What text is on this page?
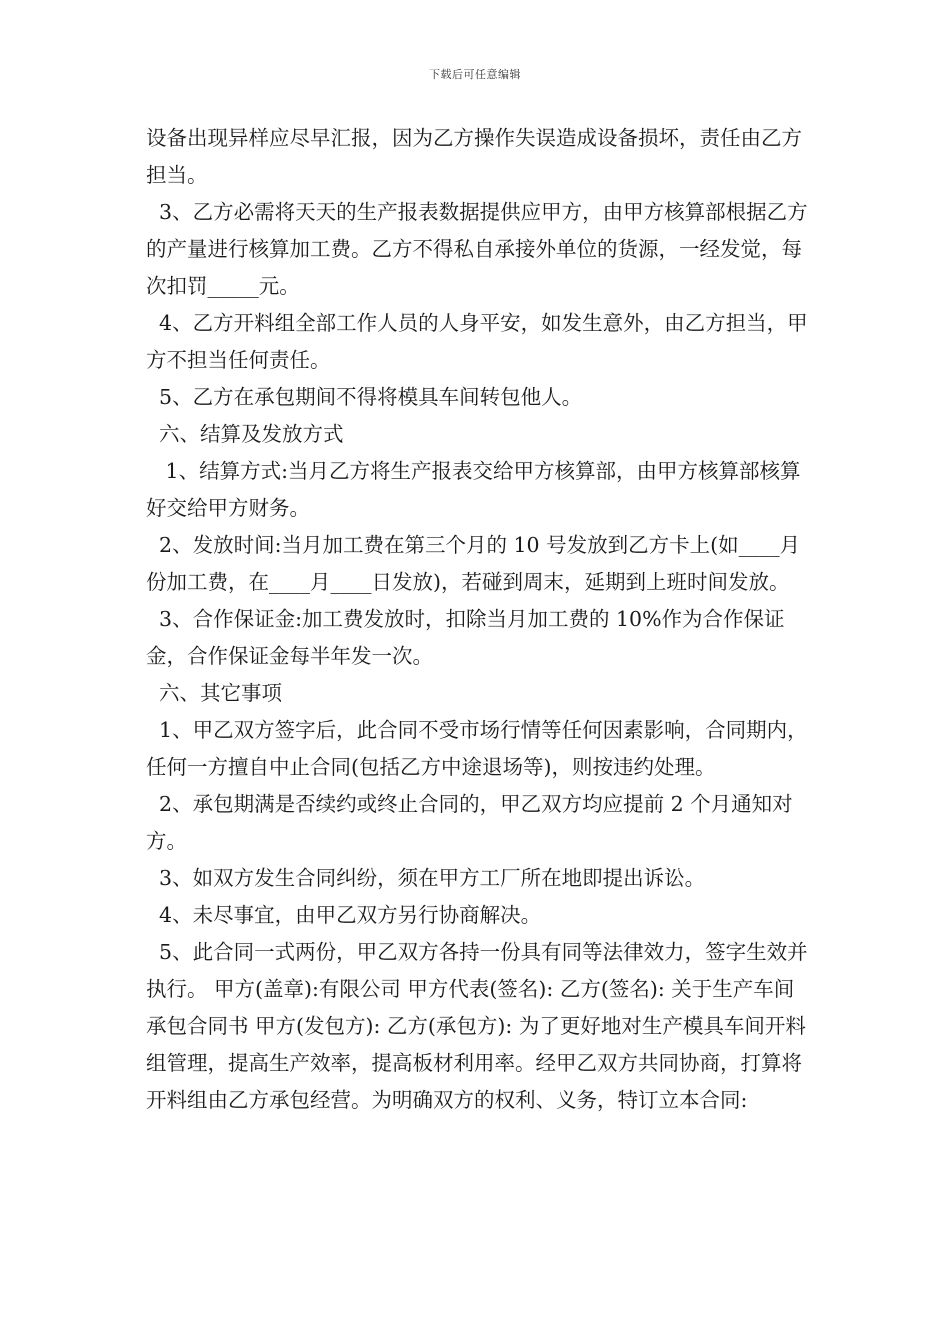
下载后可任意编辑

设备出现异样应尽早汇报，因为乙方操作失误造成设备损坏，责任由乙方担当。

3、乙方必需将天天的生产报表数据提供应甲方，由甲方核算部根据乙方的产量进行核算加工费。乙方不得私自承接外单位的货源，一经发觉，每次扣罚_____元。

4、乙方开料组全部工作人员的人身平安，如发生意外，由乙方担当，甲方不担当任何责任。

5、乙方在承包期间不得将模具车间转包他人。

六、结算及发放方式

1、结算方式:当月乙方将生产报表交给甲方核算部，由甲方核算部核算好交给甲方财务。

2、发放时间:当月加工费在第三个月的 10 号发放到乙方卡上(如____月份加工费，在____月____日发放)，若碰到周末，延期到上班时间发放。

3、合作保证金:加工费发放时，扣除当月加工费的 10%作为合作保证金，合作保证金每半年发一次。

六、其它事项

1、甲乙双方签字后，此合同不受市场行情等任何因素影响，合同期内，任何一方擅自中止合同(包括乙方中途退场等)，则按违约处理。

2、承包期满是否续约或终止合同的，甲乙双方均应提前 2 个月通知对方。

3、如双方发生合同纠纷，须在甲方工厂所在地即提出诉讼。

4、未尽事宜，由甲乙双方另行协商解决。

5、此合同一式两份，甲乙双方各持一份具有同等法律效力，签字生效并执行。 甲方(盖章):有限公司 甲方代表(签名): 乙方(签名): 关于生产车间承包合同书 甲方(发包方): 乙方(承包方): 为了更好地对生产模具车间开料组管理，提高生产效率，提高板材利用率。经甲乙双方共同协商，打算将开料组由乙方承包经营。为明确双方的权利、义务，特订立本合同:
